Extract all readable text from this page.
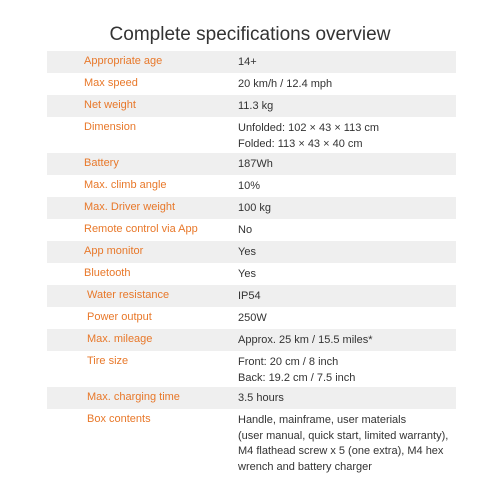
Complete specifications overview
Appropriate age	14+
Max speed	20 km/h / 12.4 mph
Net weight	11.3 kg
Dimension	Unfolded: 102 × 43 × 113 cm
Folded: 113 × 43 × 40 cm
Battery	187Wh
Max. climb angle	10%
Max. Driver weight	100 kg
Remote control via App	No
App monitor	Yes
Bluetooth	Yes
Water resistance	IP54
Power output	250W
Max. mileage	Approx. 25 km / 15.5 miles*
Tire size	Front: 20 cm / 8 inch
Back: 19.2 cm / 7.5 inch
Max. charging time	3.5 hours
Box contents	Handle, mainframe, user materials
(user manual, quick start, limited warranty),
M4 flathead screw x 5 (one extra), M4 hex
wrench and battery charger
